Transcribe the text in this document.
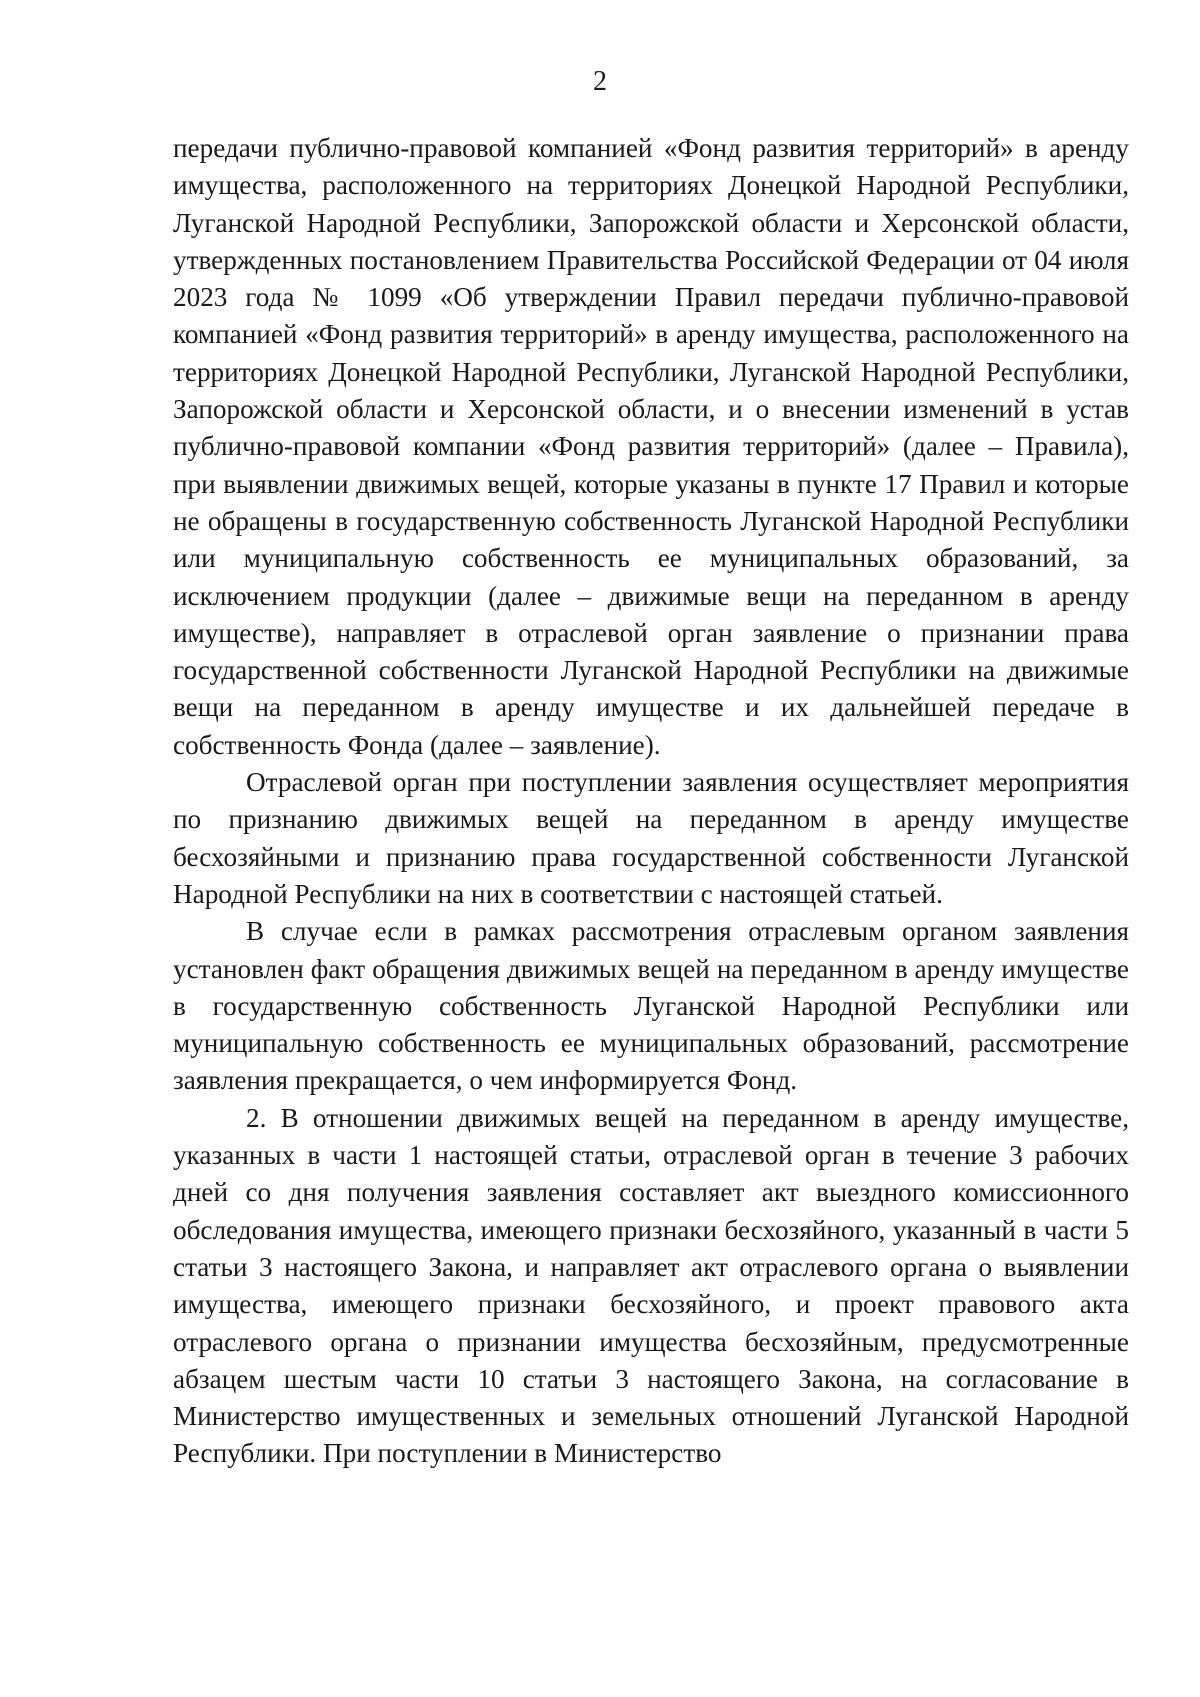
2

передачи публично-правовой компанией «Фонд развития территорий» в аренду имущества, расположенного на территориях Донецкой Народной Республики, Луганской Народной Республики, Запорожской области и Херсонской области, утвержденных постановлением Правительства Российской Федерации от 04 июля 2023 года № 1099 «Об утверждении Правил передачи публично-правовой компанией «Фонд развития территорий» в аренду имущества, расположенного на территориях Донецкой Народной Республики, Луганской Народной Республики, Запорожской области и Херсонской области, и о внесении изменений в устав публично-правовой компании «Фонд развития территорий» (далее – Правила), при выявлении движимых вещей, которые указаны в пункте 17 Правил и которые не обращены в государственную собственность Луганской Народной Республики или муниципальную собственность ее муниципальных образований, за исключением продукции (далее – движимые вещи на переданном в аренду имуществе), направляет в отраслевой орган заявление о признании права государственной собственности Луганской Народной Республики на движимые вещи на переданном в аренду имуществе и их дальнейшей передаче в собственность Фонда (далее – заявление).

Отраслевой орган при поступлении заявления осуществляет мероприятия по признанию движимых вещей на переданном в аренду имуществе бесхозяйными и признанию права государственной собственности Луганской Народной Республики на них в соответствии с настоящей статьей.

В случае если в рамках рассмотрения отраслевым органом заявления установлен факт обращения движимых вещей на переданном в аренду имуществе в государственную собственность Луганской Народной Республики или муниципальную собственность ее муниципальных образований, рассмотрение заявления прекращается, о чем информируется Фонд.

2. В отношении движимых вещей на переданном в аренду имуществе, указанных в части 1 настоящей статьи, отраслевой орган в течение 3 рабочих дней со дня получения заявления составляет акт выездного комиссионного обследования имущества, имеющего признаки бесхозяйного, указанный в части 5 статьи 3 настоящего Закона, и направляет акт отраслевого органа о выявлении имущества, имеющего признаки бесхозяйного, и проект правового акта отраслевого органа о признании имущества бесхозяйным, предусмотренные абзацем шестым части 10 статьи 3 настоящего Закона, на согласование в Министерство имущественных и земельных отношений Луганской Народной Республики. При поступлении в Министерство
